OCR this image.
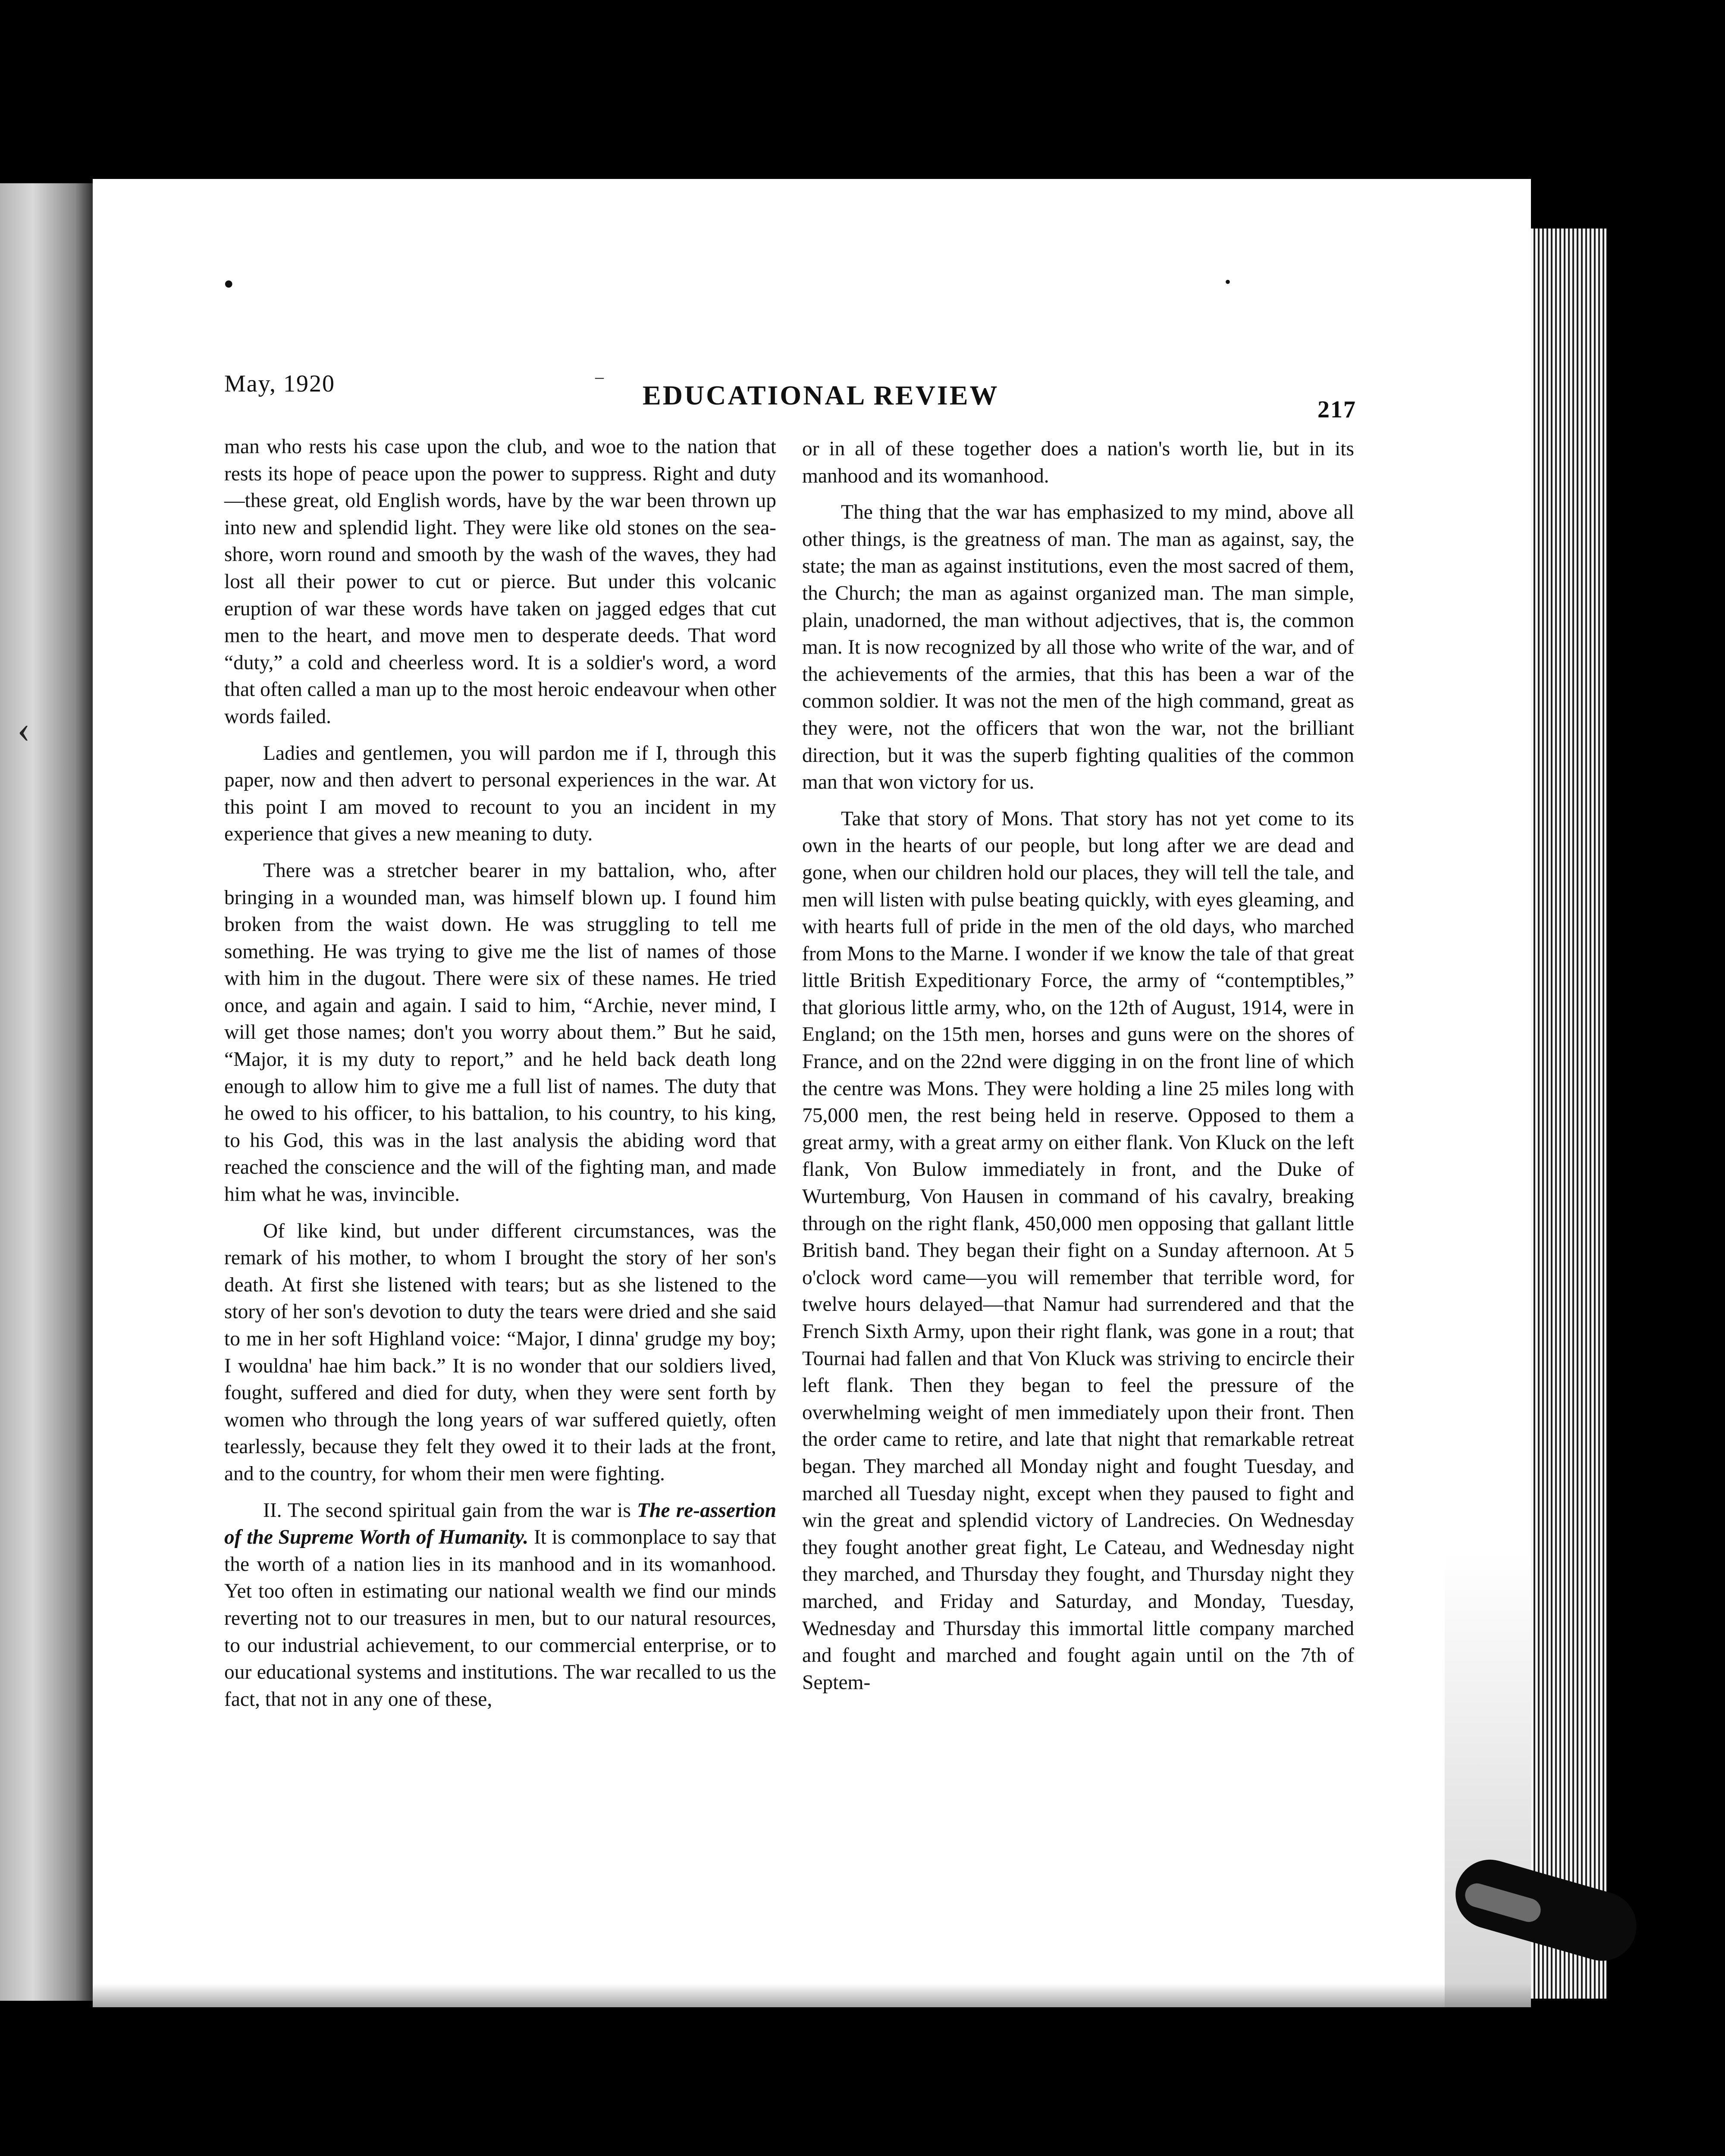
‹
•	•
–
May, 1920	EDUCATIONAL REVIEW	217

man who rests his case upon the club, and woe to the nation that rests its hope of peace upon the power to suppress. Right and duty—these great, old English words, have by the war been thrown up into new and splendid light. They were like old stones on the sea-shore, worn round and smooth by the wash of the waves, they had lost all their power to cut or pierce. But under this volcanic eruption of war these words have taken on jagged edges that cut men to the heart, and move men to desperate deeds. That word “duty,” a cold and cheerless word. It is a soldier's word, a word that often called a man up to the most heroic endeavour when other words failed.

Ladies and gentlemen, you will pardon me if I, through this paper, now and then advert to personal experiences in the war. At this point I am moved to recount to you an incident in my experience that gives a new meaning to duty.

There was a stretcher bearer in my battalion, who, after bringing in a wounded man, was himself blown up. I found him broken from the waist down. He was struggling to tell me something. He was trying to give me the list of names of those with him in the dugout. There were six of these names. He tried once, and again and again. I said to him, “Archie, never mind, I will get those names; don't you worry about them.” But he said, “Major, it is my duty to report,” and he held back death long enough to allow him to give me a full list of names. The duty that he owed to his officer, to his battalion, to his country, to his king, to his God, this was in the last analysis the abiding word that reached the conscience and the will of the fighting man, and made him what he was, invincible.

Of like kind, but under different circumstances, was the remark of his mother, to whom I brought the story of her son's death. At first she listened with tears; but as she listened to the story of her son's devotion to duty the tears were dried and she said to me in her soft Highland voice: “Major, I dinna' grudge my boy; I wouldna' hae him back.” It is no wonder that our soldiers lived, fought, suffered and died for duty, when they were sent forth by women who through the long years of war suffered quietly, often tearlessly, because they felt they owed it to their lads at the front, and to the country, for whom their men were fighting.

II. The second spiritual gain from the war is The re-assertion of the Supreme Worth of Humanity. It is commonplace to say that the worth of a nation lies in its manhood and in its womanhood. Yet too often in estimating our national wealth we find our minds reverting not to our treasures in men, but to our natural resources, to our industrial achievement, to our commercial enterprise, or to our educational systems and institutions. The war recalled to us the fact, that not in any one of these,

or in all of these together does a nation's worth lie, but in its manhood and its womanhood.

The thing that the war has emphasized to my mind, above all other things, is the greatness of man. The man as against, say, the state; the man as against institutions, even the most sacred of them, the Church; the man as against organized man. The man simple, plain, unadorned, the man without adjectives, that is, the common man. It is now recognized by all those who write of the war, and of the achievements of the armies, that this has been a war of the common soldier. It was not the men of the high command, great as they were, not the officers that won the war, not the brilliant direction, but it was the superb fighting qualities of the common man that won victory for us.

Take that story of Mons. That story has not yet come to its own in the hearts of our people, but long after we are dead and gone, when our children hold our places, they will tell the tale, and men will listen with pulse beating quickly, with eyes gleaming, and with hearts full of pride in the men of the old days, who marched from Mons to the Marne. I wonder if we know the tale of that great little British Expeditionary Force, the army of “contemptibles,” that glorious little army, who, on the 12th of August, 1914, were in England; on the 15th men, horses and guns were on the shores of France, and on the 22nd were digging in on the front line of which the centre was Mons. They were holding a line 25 miles long with 75,000 men, the rest being held in reserve. Opposed to them a great army, with a great army on either flank. Von Kluck on the left flank, Von Bulow immediately in front, and the Duke of Wurtemburg, Von Hausen in command of his cavalry, breaking through on the right flank, 450,000 men opposing that gallant little British band. They began their fight on a Sunday afternoon. At 5 o'clock word came—you will remember that terrible word, for twelve hours delayed—that Namur had surrendered and that the French Sixth Army, upon their right flank, was gone in a rout; that Tournai had fallen and that Von Kluck was striving to encircle their left flank. Then they began to feel the pressure of the overwhelming weight of men immediately upon their front. Then the order came to retire, and late that night that remarkable retreat began. They marched all Monday night and fought Tuesday, and marched all Tuesday night, except when they paused to fight and win the great and splendid victory of Landrecies. On Wednesday they fought another great fight, Le Cateau, and Wednesday night they marched, and Thursday they fought, and Thursday night they marched, and Friday and Saturday, and Monday, Tuesday, Wednesday and Thursday this immortal little company marched and fought and marched and fought again until on the 7th of Septem-
